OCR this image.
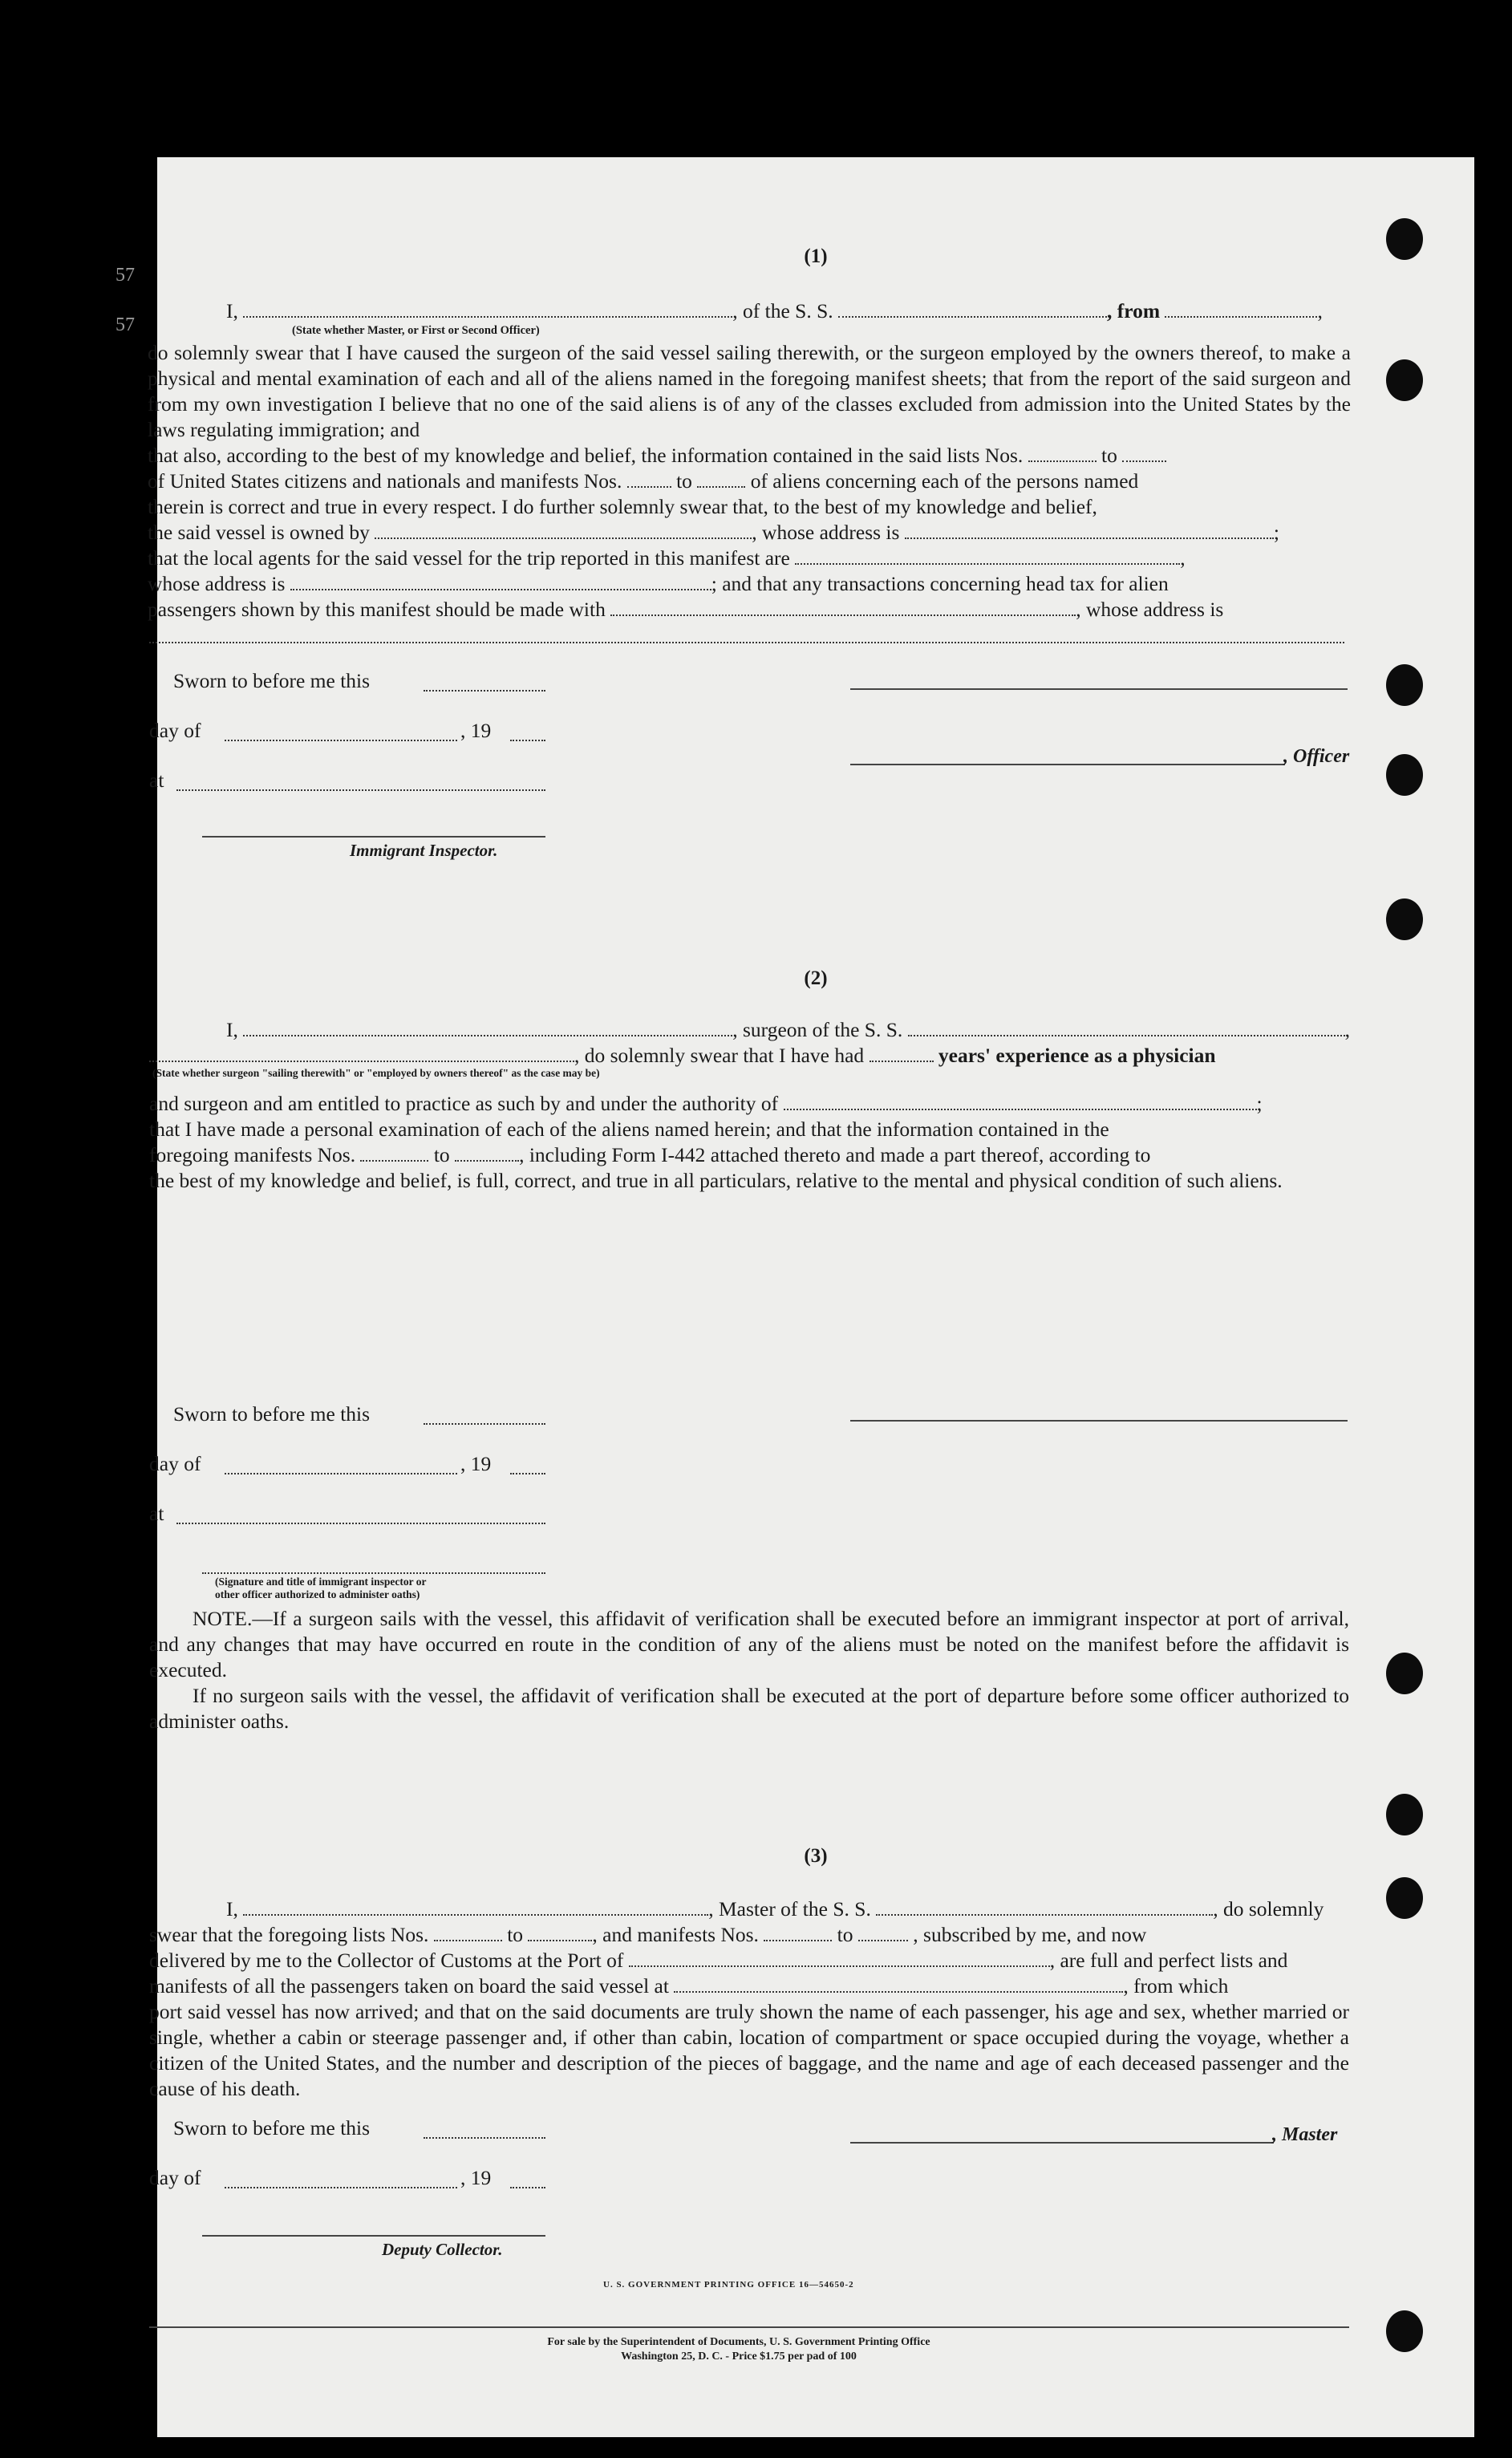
57
57
(1)
I,	, of the S. S.	, from	,
(State whether Master, or First or Second Officer)
do solemnly swear that I have caused the surgeon of the said vessel sailing therewith, or the surgeon employed by the owners thereof, to make a physical and mental examination of each and all of the aliens named in the foregoing manifest sheets; that from the report of the said surgeon and from my own investigation I believe that no one of the said aliens is of any of the classes excluded from admission into the United States by the laws regulating immigration; and
that also, according to the best of my knowledge and belief, the information contained in the said lists Nos.	to
of United States citizens and nationals and manifests Nos.	to	of aliens concerning each of the persons named
therein is correct and true in every respect. I do further solemnly swear that, to the best of my knowledge and belief,
the said vessel is owned by	, whose address is	;
that the local agents for the said vessel for the trip reported in this manifest are	,
whose address is	; and that any transactions concerning head tax for alien
passengers shown by this manifest should be made with	, whose address is
Sworn to before me this
day of	, 19
at
Immigrant Inspector.
, Officer
(2)
I,	, surgeon of the S. S.	,
, do solemnly swear that I have had	years' experience as a physician
(State whether surgeon "sailing therewith" or "employed by owners thereof" as the case may be)
and surgeon and am entitled to practice as such by and under the authority of	;
that I have made a personal examination of each of the aliens named herein; and that the information contained in the
foregoing manifests Nos.	to	, including Form I-442 attached thereto and made a part thereof, according to
the best of my knowledge and belief, is full, correct, and true in all particulars, relative to the mental and physical condition of such aliens.
Sworn to before me this
day of	, 19
at
(Signature and title of immigrant inspector or
other officer authorized to administer oaths)
NOTE.—If a surgeon sails with the vessel, this affidavit of verification shall be executed before an immigrant inspector at port of arrival, and any changes that may have occurred en route in the condition of any of the aliens must be noted on the manifest before the affidavit is executed.
If no surgeon sails with the vessel, the affidavit of verification shall be executed at the port of departure before some officer authorized to administer oaths.
(3)
I,	, Master of the S. S.	, do solemnly
swear that the foregoing lists Nos.	to	, and manifests Nos.	to	, subscribed by me, and now
delivered by me to the Collector of Customs at the Port of	, are full and perfect lists and
manifests of all the passengers taken on board the said vessel at	, from which
port said vessel has now arrived; and that on the said documents are truly shown the name of each passenger, his age and sex, whether married or single, whether a cabin or steerage passenger and, if other than cabin, location of compartment or space occupied during the voyage, whether a citizen of the United States, and the number and description of the pieces of baggage, and the name and age of each deceased passenger and the cause of his death.
Sworn to before me this
day of	, 19
Deputy Collector.
, Master
U. S. GOVERNMENT PRINTING OFFICE 16—54650-2
For sale by the Superintendent of Documents, U. S. Government Printing Office
Washington 25, D. C. - Price $1.75 per pad of 100
